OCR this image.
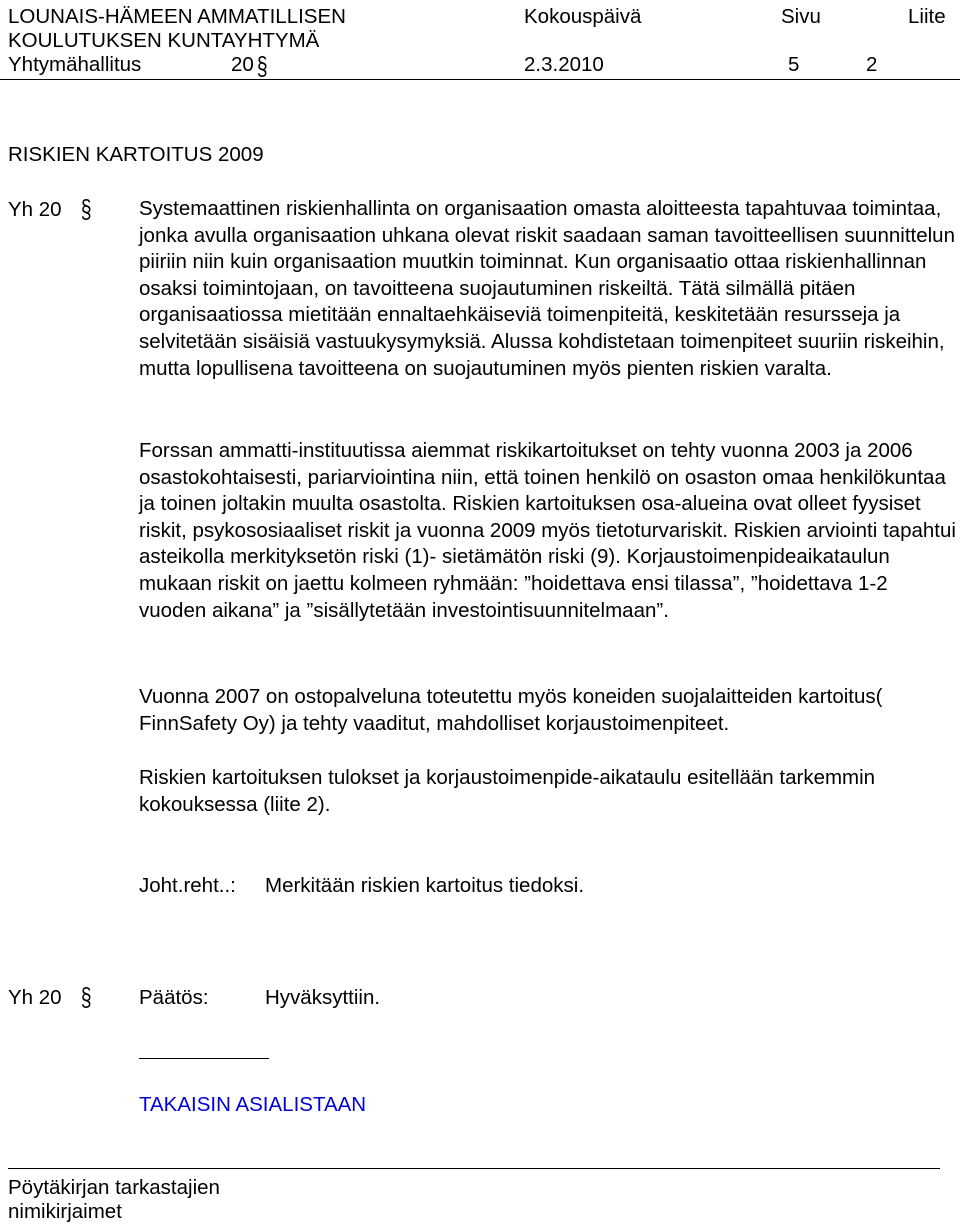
LOUNAIS-HÄMEEN AMMATILLISEN
KOULUTUKSEN KUNTAYHTYMÄ
Yhtymähallitus	20 §
Kokouspäivä
2.3.2010
Sivu
5
Liite
2
RISKIEN KARTOITUS 2009
Yh 20 § Systemaattinen riskienhallinta on organisaation omasta aloitteesta tapahtuvaa toimintaa, jonka avulla organisaation uhkana olevat riskit saadaan saman tavoitteellisen suunnittelun piiriin niin kuin organisaation muutkin toiminnat. Kun organisaatio ottaa riskienhallinnan osaksi toimintojaan, on tavoitteena suojautuminen riskeiltä. Tätä silmällä pitäen organisaatiossa mietitään ennaltaehkäiseviä toimenpiteitä, keskitetään resursseja ja selvitetään sisäisiä vastuukysymyksiä. Alussa kohdistetaan toimenpiteet suuriin riskeihin, mutta lopullisena tavoitteena on suojautuminen myös pienten riskien varalta.

Forssan ammatti-instituutissa aiemmat riskikartoitukset on tehty vuonna 2003 ja 2006 osastokohtaisesti, pariarviointina niin, että toinen henkilö on osaston omaa henkilökuntaa ja toinen joltakin muulta osastolta. Riskien kartoituksen osa-alueina ovat olleet fyysiset riskit, psykososiaaliset riskit ja vuonna 2009 myös tietoturvariskit. Riskien arviointi tapahtui asteikolla merkityksetön riski (1)- sietämätön riski (9). Korjaustoimenpideaikataulun mukaan riskit on jaettu kolmeen ryhmään: ”hoidettava ensi tilassa”, ”hoidettava 1-2 vuoden aikana” ja ”sisällytetään investointisuunnitelmaan”.

Vuonna 2007 on ostopalveluna toteutettu myös koneiden suojalaitteiden kartoitus( FinnSafety Oy) ja tehty vaaditut, mahdolliset korjaustoimenpiteet.

Riskien kartoituksen tulokset ja korjaustoimenpide-aikataulu esitellään tarkemmin kokouksessa (liite 2).

Joht.reht..: Merkitään riskien kartoitus tiedoksi.
Yh 20 § Päätös:	Hyväksyttiin.
TAKAISIN ASIALISTAAN
Pöytäkirjan tarkastajien
nimikirjaimet
